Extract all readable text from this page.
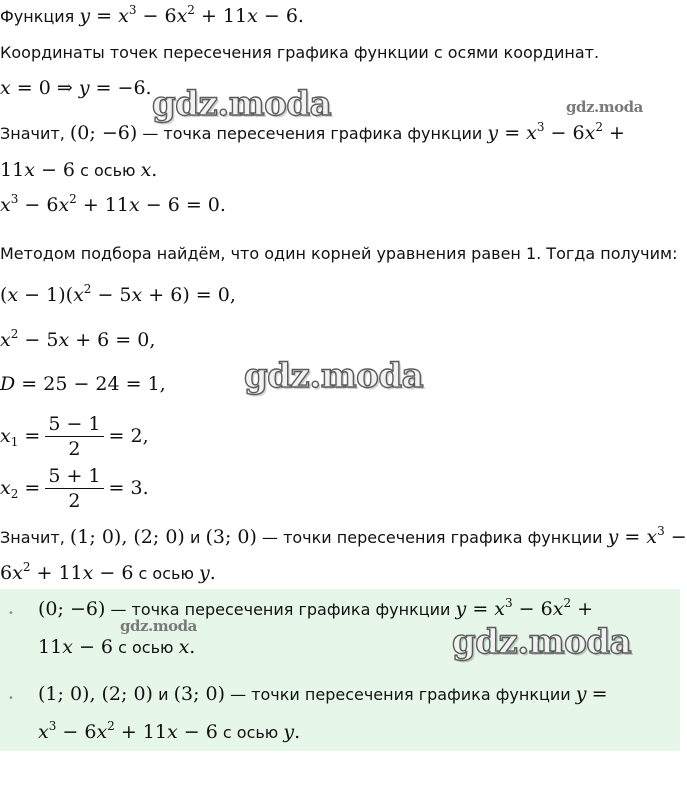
Функция $y = x^3 - 6x^2 + 11x - 6$.
Координаты точек пересечения графика функции с осями координат.
x = 0 ⇒ y = −6.
Значит, (0; −6) — точка пересечения графика функции $y = x^3 - 6x^2$ +
11x − 6 с осью x.
$x^3 - 6x^2 + 11x - 6 = 0$.
Методом подбора найдём, что один корней уравнения равен 1. Тогда получим:
$(x - 1)(x^2 - 5x + 6) = 0$,
$x^2 - 5x + 6 = 0$,
D = 25 − 24 = 1,
$x_1 = \frac{5 - 1}{2} = 2$,
$x_2 = \frac{5 + 1}{2} = 3$.
Значит, (1; 0), (2; 0) и (3; 0) — точки пересечения графика функции $y = x^3$ −
$6x^2 + 11x - 6$ с осью y.
• (0; −6) — точка пересечения графика функции $y = x^3 - 6x^2$ +
11x − 6 с осью x.
• (1; 0), (2; 0) и (3; 0) — точки пересечения графика функции y =
$x^3 - 6x^2 + 11x - 6$ с осью y.
gdz.moda	gdz.moda
gdz.moda
gdz.moda	gdz.moda
